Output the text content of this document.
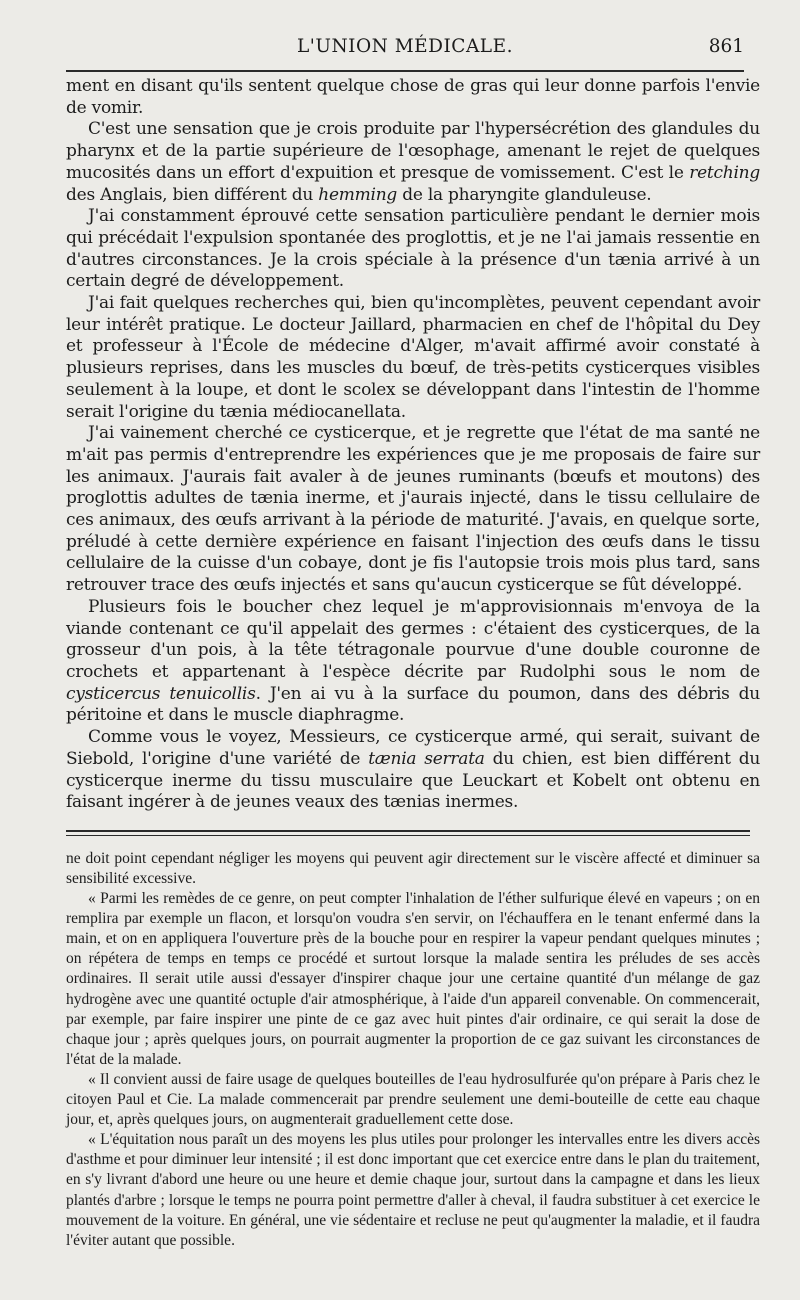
L'UNION MÉDICALE.	861

ment en disant qu'ils sentent quelque chose de gras qui leur donne parfois l'envie de vomir.

C'est une sensation que je crois produite par l'hypersécrétion des glandules du pharynx et de la partie supérieure de l'œsophage, amenant le rejet de quelques mucosités dans un effort d'expuition et presque de vomissement. C'est le retching des Anglais, bien différent du hemming de la pharyngite glanduleuse.

J'ai constamment éprouvé cette sensation particulière pendant le dernier mois qui précédait l'expulsion spontanée des proglottis, et je ne l'ai jamais ressentie en d'autres circonstances. Je la crois spéciale à la présence d'un tænia arrivé à un certain degré de développement.

J'ai fait quelques recherches qui, bien qu'incomplètes, peuvent cependant avoir leur intérêt pratique. Le docteur Jaillard, pharmacien en chef de l'hôpital du Dey et professeur à l'École de médecine d'Alger, m'avait affirmé avoir constaté à plusieurs reprises, dans les muscles du bœuf, de très-petits cysticerques visibles seulement à la loupe, et dont le scolex se développant dans l'intestin de l'homme serait l'origine du tænia médiocanellata.

J'ai vainement cherché ce cysticerque, et je regrette que l'état de ma santé ne m'ait pas permis d'entreprendre les expériences que je me proposais de faire sur les animaux. J'aurais fait avaler à de jeunes ruminants (bœufs et moutons) des proglottis adultes de tænia inerme, et j'aurais injecté, dans le tissu cellulaire de ces animaux, des œufs arrivant à la période de maturité. J'avais, en quelque sorte, préludé à cette dernière expérience en faisant l'injection des œufs dans le tissu cellulaire de la cuisse d'un cobaye, dont je fis l'autopsie trois mois plus tard, sans retrouver trace des œufs injectés et sans qu'aucun cysticerque se fût développé.

Plusieurs fois le boucher chez lequel je m'approvisionnais m'envoya de la viande contenant ce qu'il appelait des germes : c'étaient des cysticerques, de la grosseur d'un pois, à la tête tétragonale pourvue d'une double couronne de crochets et appartenant à l'espèce décrite par Rudolphi sous le nom de cysticercus tenuicollis. J'en ai vu à la surface du poumon, dans des débris du péritoine et dans le muscle diaphragme.

Comme vous le voyez, Messieurs, ce cysticerque armé, qui serait, suivant de Siebold, l'origine d'une variété de tænia serrata du chien, est bien différent du cysticerque inerme du tissu musculaire que Leuckart et Kobelt ont obtenu en faisant ingérer à de jeunes veaux des tænias inermes.

ne doit point cependant négliger les moyens qui peuvent agir directement sur le viscère affecté et diminuer sa sensibilité excessive.

« Parmi les remèdes de ce genre, on peut compter l'inhalation de l'éther sulfurique élevé en vapeurs ; on en remplira par exemple un flacon, et lorsqu'on voudra s'en servir, on l'échauffera en le tenant enfermé dans la main, et on en appliquera l'ouverture près de la bouche pour en respirer la vapeur pendant quelques minutes ; on répétera de temps en temps ce procédé et surtout lorsque la malade sentira les préludes de ses accès ordinaires. Il serait utile aussi d'essayer d'inspirer chaque jour une certaine quantité d'un mélange de gaz hydrogène avec une quantité octuple d'air atmosphérique, à l'aide d'un appareil convenable. On commencerait, par exemple, par faire inspirer une pinte de ce gaz avec huit pintes d'air ordinaire, ce qui serait la dose de chaque jour ; après quelques jours, on pourrait augmenter la proportion de ce gaz suivant les circonstances de l'état de la malade.

« Il convient aussi de faire usage de quelques bouteilles de l'eau hydrosulfurée qu'on prépare à Paris chez le citoyen Paul et Cie. La malade commencerait par prendre seulement une demi-bouteille de cette eau chaque jour, et, après quelques jours, on augmenterait graduellement cette dose.

« L'équitation nous paraît un des moyens les plus utiles pour prolonger les intervalles entre les divers accès d'asthme et pour diminuer leur intensité ; il est donc important que cet exercice entre dans le plan du traitement, en s'y livrant d'abord une heure ou une heure et demie chaque jour, surtout dans la campagne et dans les lieux plantés d'arbre ; lorsque le temps ne pourra point permettre d'aller à cheval, il faudra substituer à cet exercice le mouvement de la voiture. En général, une vie sédentaire et recluse ne peut qu'augmenter la maladie, et il faudra l'éviter autant que possible.
